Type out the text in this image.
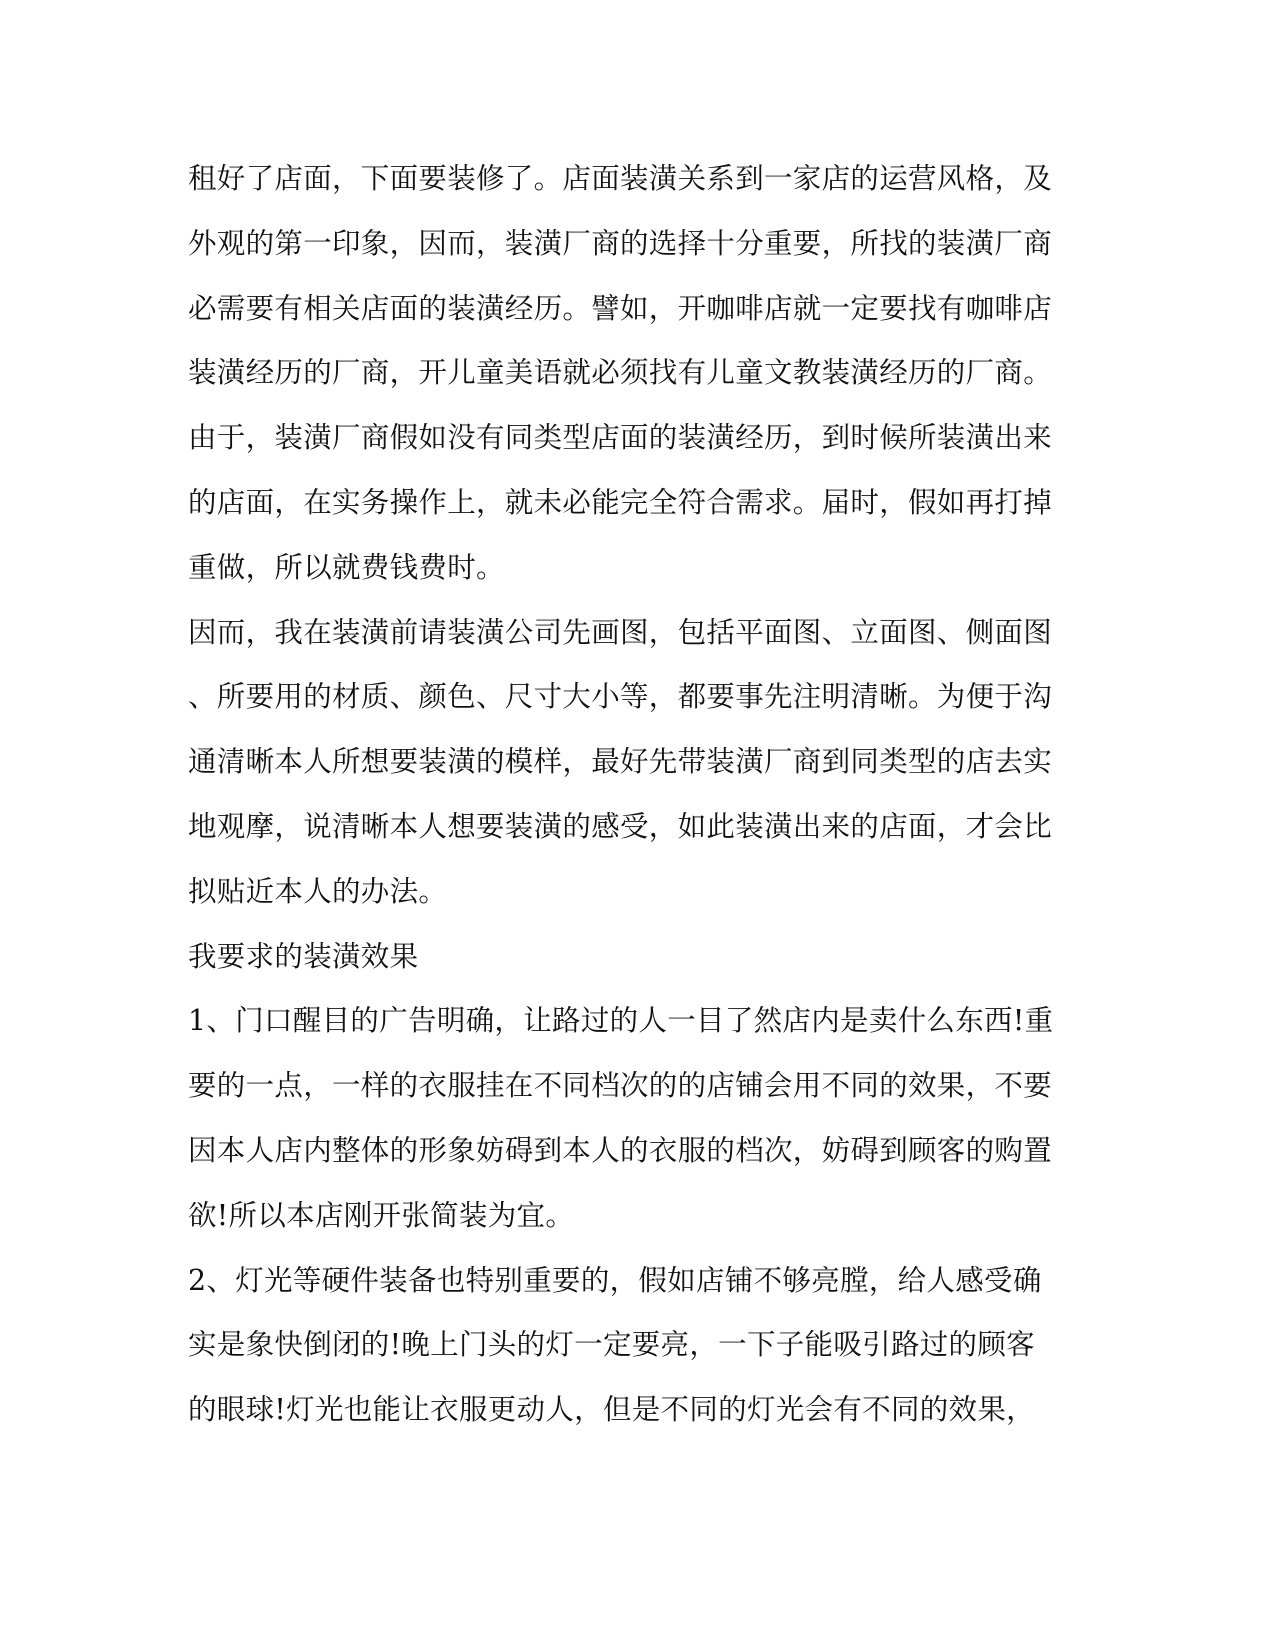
租好了店面，下面要装修了。店面装潢关系到一家店的运营风格，及
外观的第一印象，因而，装潢厂商的选择十分重要，所找的装潢厂商
必需要有相关店面的装潢经历。譬如，开咖啡店就一定要找有咖啡店
装潢经历的厂商，开儿童美语就必须找有儿童文教装潢经历的厂商。
由于，装潢厂商假如没有同类型店面的装潢经历，到时候所装潢出来
的店面，在实务操作上，就未必能完全符合需求。届时，假如再打掉
重做，所以就费钱费时。
因而，我在装潢前请装潢公司先画图，包括平面图、立面图、侧面图
、所要用的材质、颜色、尺寸大小等，都要事先注明清晰。为便于沟
通清晰本人所想要装潢的模样，最好先带装潢厂商到同类型的店去实
地观摩，说清晰本人想要装潢的感受，如此装潢出来的店面，才会比
拟贴近本人的办法。
我要求的装潢效果
1、门口醒目的广告明确，让路过的人一目了然店内是卖什么东西!重
要的一点，一样的衣服挂在不同档次的的店铺会用不同的效果，不要
因本人店内整体的形象妨碍到本人的衣服的档次，妨碍到顾客的购置
欲!所以本店刚开张简装为宜。
2、灯光等硬件装备也特别重要的，假如店铺不够亮膛，给人感受确
实是象快倒闭的!晚上门头的灯一定要亮，一下子能吸引路过的顾客
的眼球!灯光也能让衣服更动人，但是不同的灯光会有不同的效果，
